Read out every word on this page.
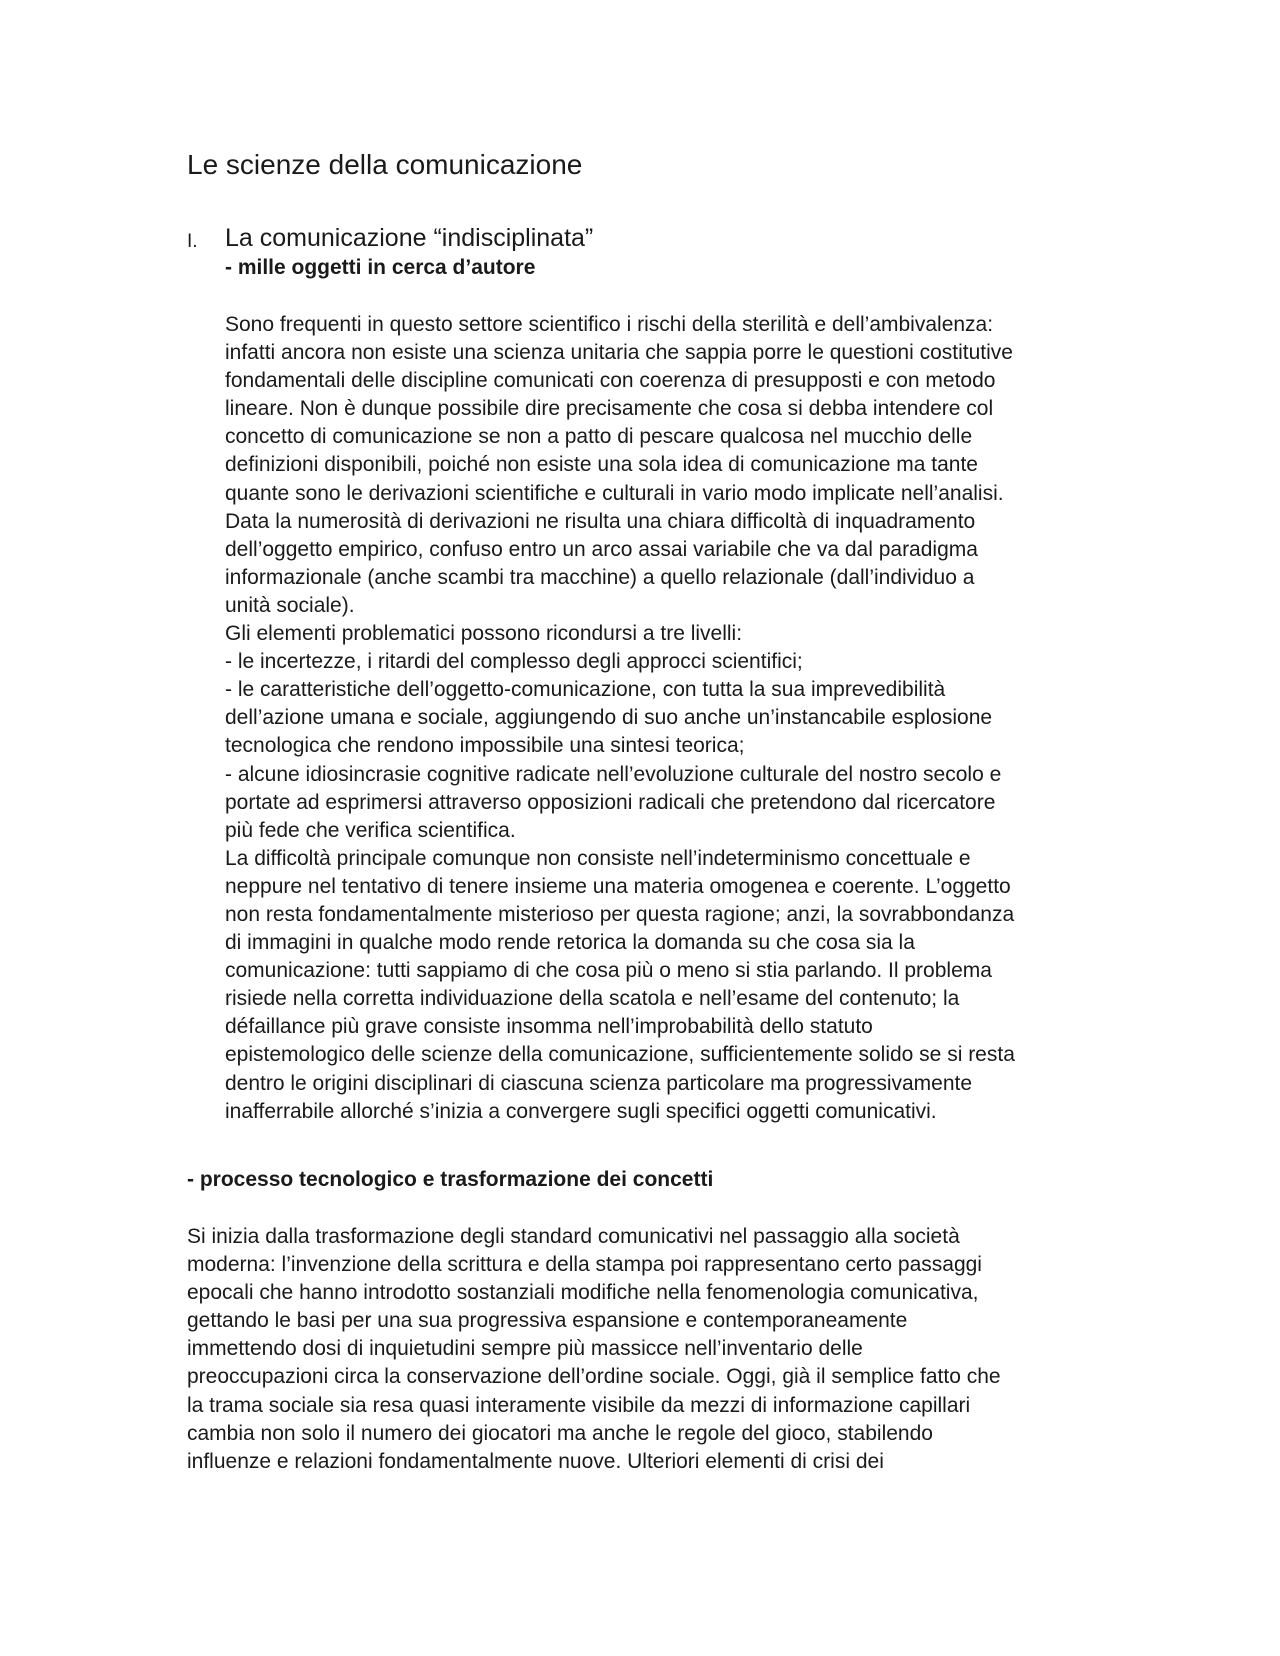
Le scienze della comunicazione
I. La comunicazione “indisciplinata”
- mille oggetti in cerca d’autore

Sono frequenti in questo settore scientifico i rischi della sterilità e dell’ambivalenza:

infatti ancora non esiste una scienza unitaria che sappia porre le questioni costitutive

fondamentali delle discipline comunicati con coerenza di presupposti e con metodo

lineare. Non è dunque possibile dire precisamente che cosa si debba intendere col

concetto di comunicazione se non a patto di pescare qualcosa nel mucchio delle

definizioni disponibili, poiché non esiste una sola idea di comunicazione ma tante

quante sono le derivazioni scientifiche e culturali in vario modo implicate nell’analisi.

Data la numerosità di derivazioni ne risulta una chiara difficoltà di inquadramento

dell’oggetto empirico, confuso entro un arco assai variabile che va dal paradigma

informazionale (anche scambi tra macchine) a quello relazionale (dall’individuo a

unità sociale).

Gli elementi problematici possono ricondursi a tre livelli:

- le incertezze, i ritardi del complesso degli approcci scientifici;

- le caratteristiche dell’oggetto-comunicazione, con tutta la sua imprevedibilità

dell’azione umana e sociale, aggiungendo di suo anche un’instancabile esplosione

tecnologica che rendono impossibile una sintesi teorica;

- alcune idiosincrasie cognitive radicate nell’evoluzione culturale del nostro secolo e

portate ad esprimersi attraverso opposizioni radicali che pretendono dal ricercatore

più fede che verifica scientifica.

La difficoltà principale comunque non consiste nell’indeterminismo concettuale e

neppure nel tentativo di tenere insieme una materia omogenea e coerente. L’oggetto

non resta fondamentalmente misterioso per questa ragione; anzi, la sovrabbondanza

di immagini in qualche modo rende retorica la domanda su che cosa sia la

comunicazione: tutti sappiamo di che cosa più o meno si stia parlando. Il problema

risiede nella corretta individuazione della scatola e nell’esame del contenuto; la

défaillance più grave consiste insomma nell’improbabilità dello statuto

epistemologico delle scienze della comunicazione, sufficientemente solido se si resta

dentro le origini disciplinari di ciascuna scienza particolare ma progressivamente

inafferrabile allorché s’inizia a convergere sugli specifici oggetti comunicativi.

- processo tecnologico e trasformazione dei concetti

Si inizia dalla trasformazione degli standard comunicativi nel passaggio alla società

moderna: l’invenzione della scrittura e della stampa poi rappresentano certo passaggi

epocali che hanno introdotto sostanziali modifiche nella fenomenologia comunicativa,

gettando le basi per una sua progressiva espansione e contemporaneamente

immettendo dosi di inquietudini sempre più massicce nell’inventario delle

preoccupazioni circa la conservazione dell’ordine sociale. Oggi, già il semplice fatto che

la trama sociale sia resa quasi interamente visibile da mezzi di informazione capillari

cambia non solo il numero dei giocatori ma anche le regole del gioco, stabilendo

influenze e relazioni fondamentalmente nuove. Ulteriori elementi di crisi dei
